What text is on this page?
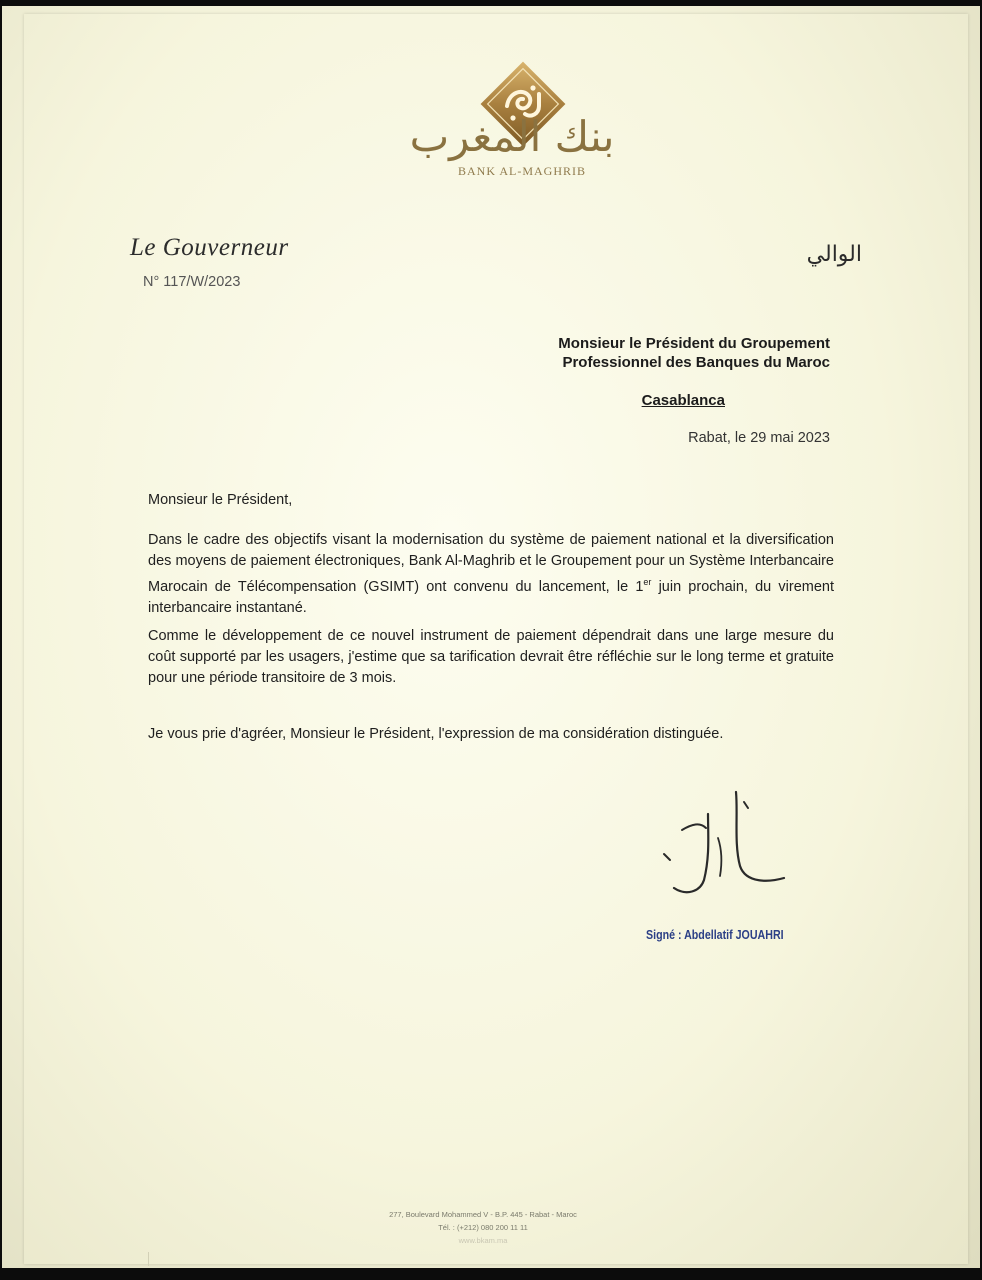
بنك المغرب
BANK AL-MAGHRIB
Le Gouverneur
N° 117/W/2023
الوالي
Monsieur le Président du Groupement
Professionnel des Banques du Maroc
Casablanca
Rabat, le 29 mai 2023
Monsieur le Président,
Dans le cadre des objectifs visant la modernisation du système de paiement national et la diversification des moyens de paiement électroniques, Bank Al-Maghrib et le Groupement pour un Système Interbancaire Marocain de Télécompensation (GSIMT) ont convenu du lancement, le 1er juin prochain, du virement interbancaire instantané.
Comme le développement de ce nouvel instrument de paiement dépendrait dans une large mesure du coût supporté par les usagers, j'estime que sa tarification devrait être réfléchie sur le long terme et gratuite pour une période transitoire de 3 mois.
Je vous prie d'agréer, Monsieur le Président, l'expression de ma considération distinguée.
Signé : Abdellatif JOUAHRI
277, Boulevard Mohammed V - B.P. 445 - Rabat - Maroc
Tél. : (+212) 080 200 11 11
www.bkam.ma
